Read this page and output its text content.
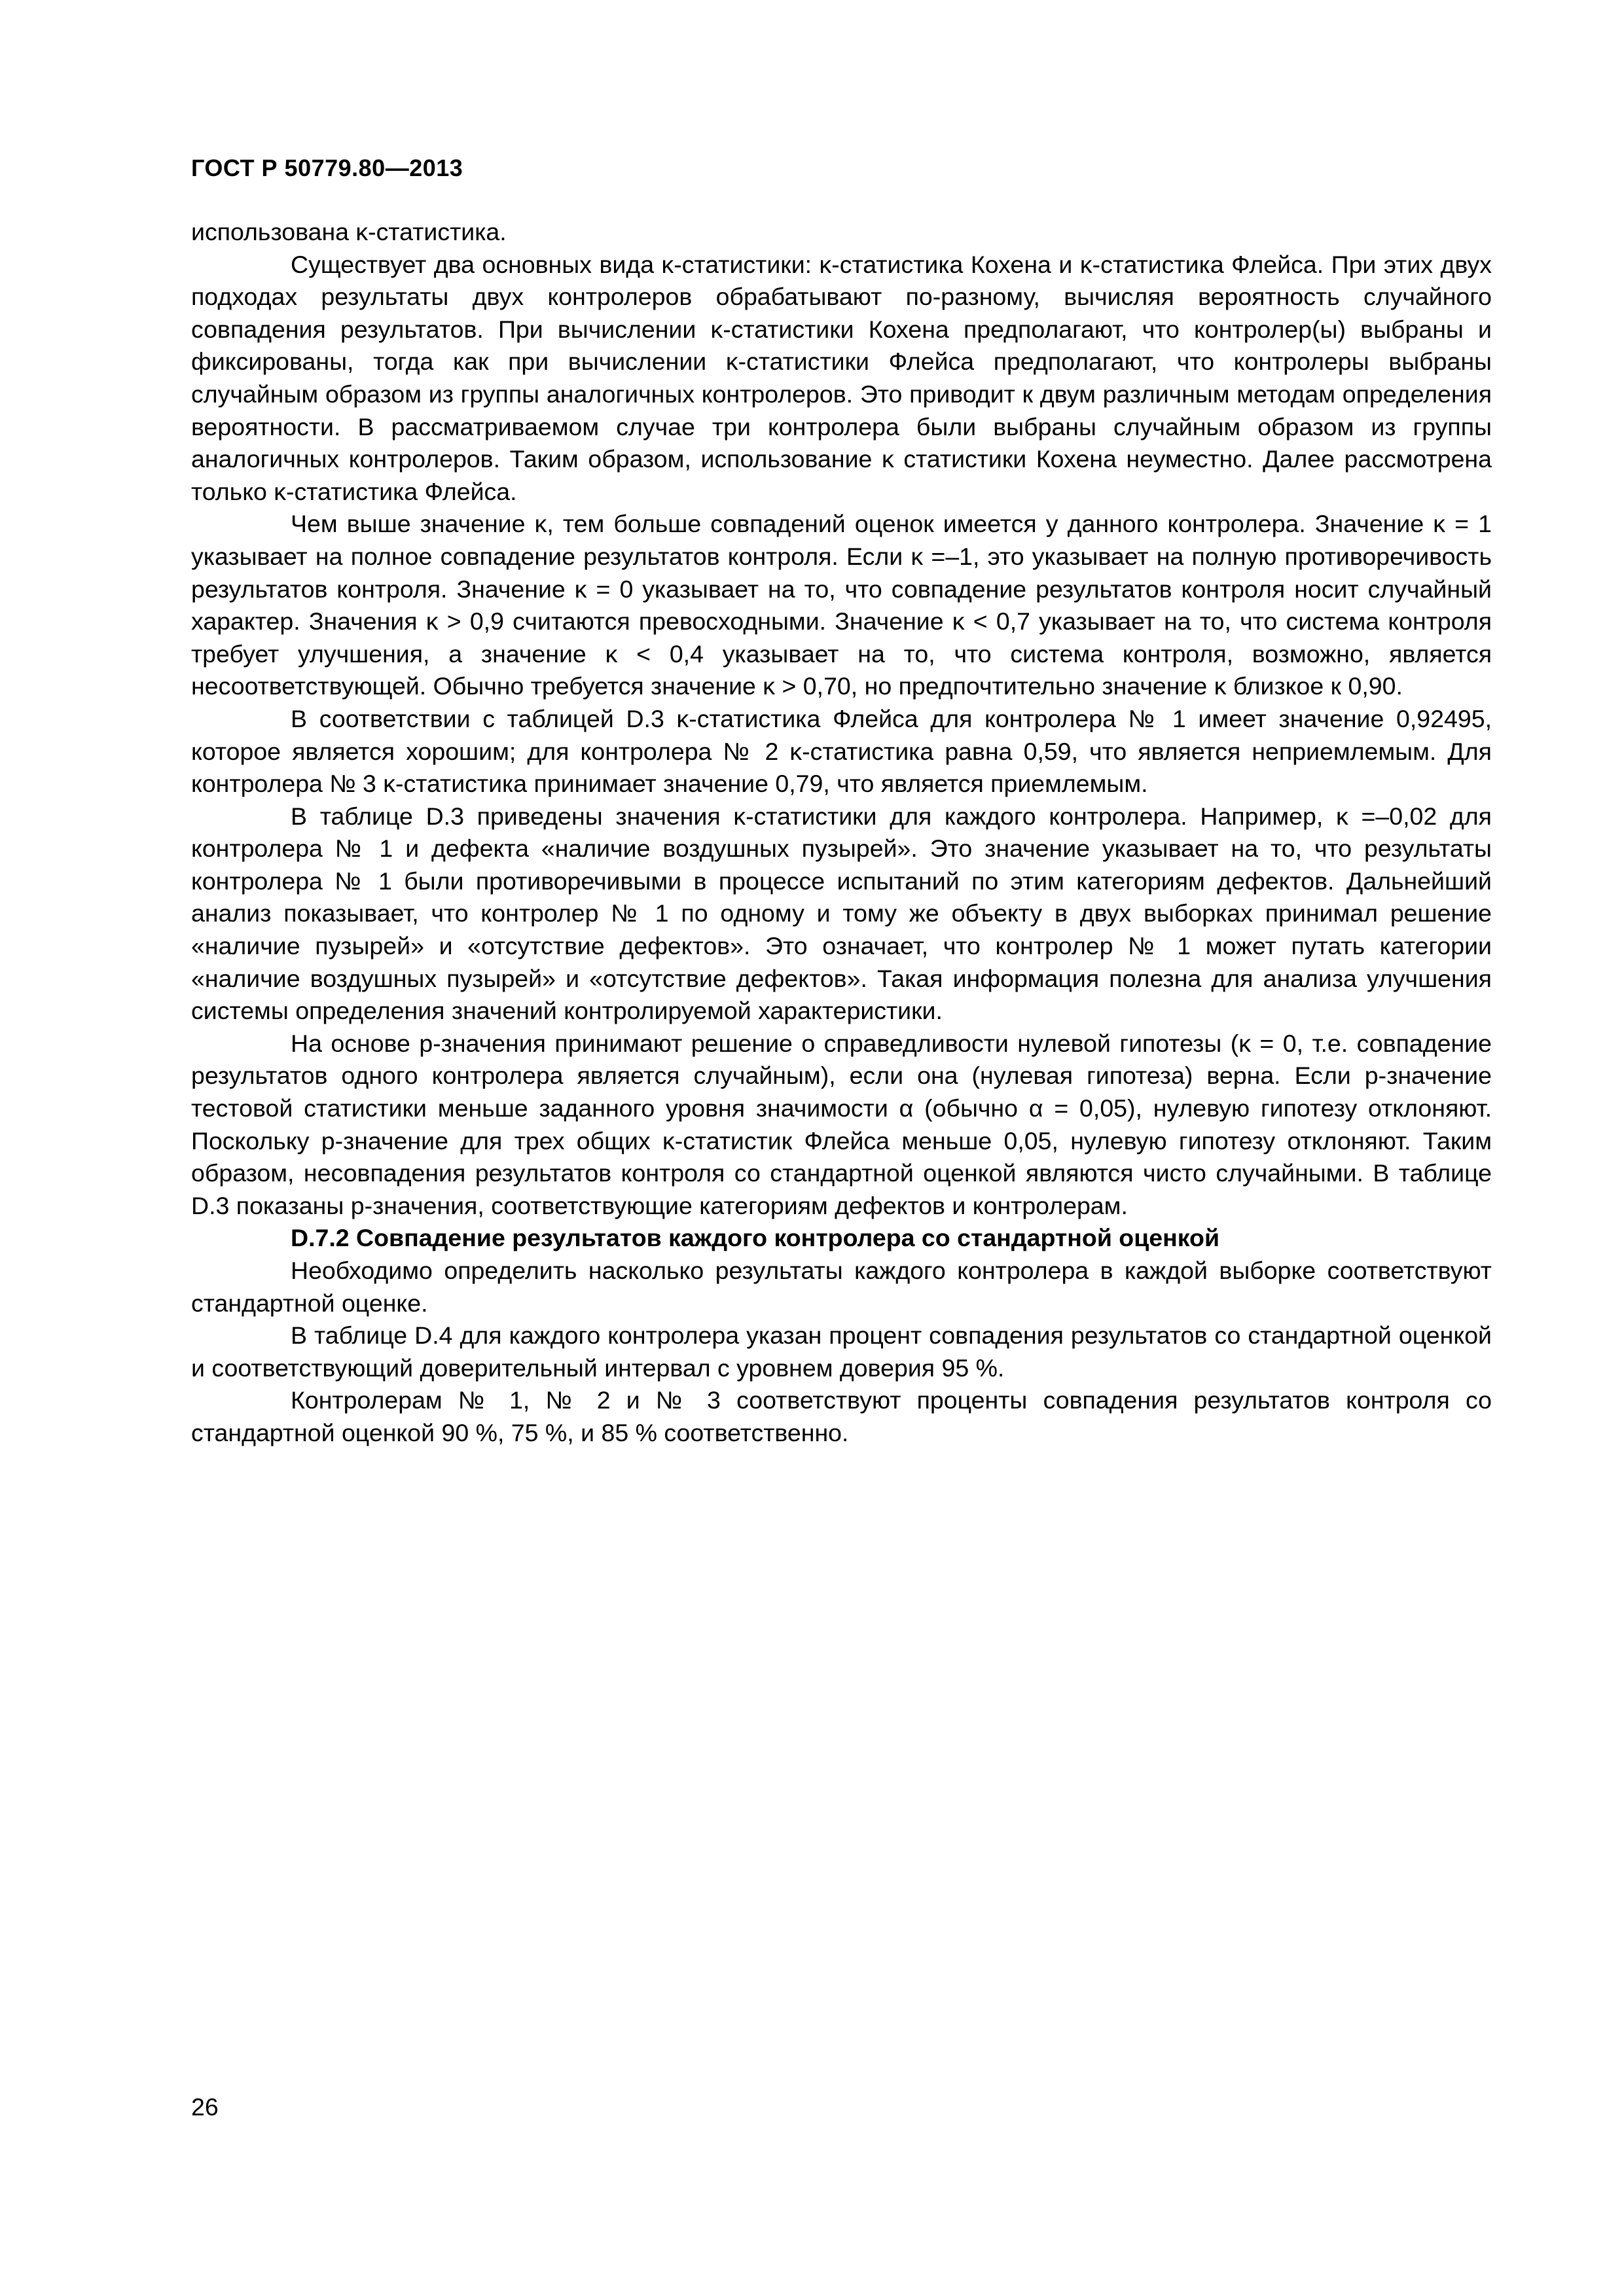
ГОСТ Р 50779.80—2013

использована κ-статистика.

Существует два основных вида κ-статистики: κ-статистика Кохена и κ-статистика Флейса. При этих двух подходах результаты двух контролеров обрабатывают по-разному, вычисляя вероятность случайного совпадения результатов. При вычислении κ-статистики Кохена предполагают, что контролер(ы) выбраны и фиксированы, тогда как при вычислении κ-статистики Флейса предполагают, что контролеры выбраны случайным образом из группы аналогичных контролеров. Это приводит к двум различным методам определения вероятности. В рассматриваемом случае три контролера были выбраны случайным образом из группы аналогичных контролеров. Таким образом, использование κ статистики Кохена неуместно. Далее рассмотрена только κ-статистика Флейса.

Чем выше значение κ, тем больше совпадений оценок имеется у данного контролера. Значение κ = 1 указывает на полное совпадение результатов контроля. Если κ =–1, это указывает на полную противоречивость результатов контроля. Значение κ = 0 указывает на то, что совпадение результатов контроля носит случайный характер. Значения κ > 0,9 считаются превосходными. Значение κ < 0,7 указывает на то, что система контроля требует улучшения, а значение κ < 0,4 указывает на то, что система контроля, возможно, является несоответствующей. Обычно требуется значение κ > 0,70, но предпочтительно значение κ близкое к 0,90.

В соответствии с таблицей D.3 κ-статистика Флейса для контролера № 1 имеет значение 0,92495, которое является хорошим; для контролера № 2 κ-статистика равна 0,59, что является неприемлемым. Для контролера № 3 κ-статистика принимает значение 0,79, что является приемлемым.

В таблице D.3 приведены значения κ-статистики для каждого контролера. Например, κ =–0,02 для контролера № 1 и дефекта «наличие воздушных пузырей». Это значение указывает на то, что результаты контролера № 1 были противоречивыми в процессе испытаний по этим категориям дефектов. Дальнейший анализ показывает, что контролер № 1 по одному и тому же объекту в двух выборках принимал решение «наличие пузырей» и «отсутствие дефектов». Это означает, что контролер № 1 может путать категории «наличие воздушных пузырей» и «отсутствие дефектов». Такая информация полезна для анализа улучшения системы определения значений контролируемой характеристики.

На основе p-значения принимают решение о справедливости нулевой гипотезы (κ = 0, т.е. совпадение результатов одного контролера является случайным), если она (нулевая гипотеза) верна. Если p-значение тестовой статистики меньше заданного уровня значимости α (обычно α = 0,05), нулевую гипотезу отклоняют. Поскольку p-значение для трех общих κ-статистик Флейса меньше 0,05, нулевую гипотезу отклоняют. Таким образом, несовпадения результатов контроля со стандартной оценкой являются чисто случайными. В таблице D.3 показаны p-значения, соответствующие категориям дефектов и контролерам.

D.7.2 Совпадение результатов каждого контролера со стандартной оценкой

Необходимо определить насколько результаты каждого контролера в каждой выборке соответствуют стандартной оценке.

В таблице D.4 для каждого контролера указан процент совпадения результатов со стандартной оценкой и соответствующий доверительный интервал с уровнем доверия 95 %.

Контролерам № 1, № 2 и № 3 соответствуют проценты совпадения результатов контроля со стандартной оценкой 90 %, 75 %, и 85 % соответственно.

26
